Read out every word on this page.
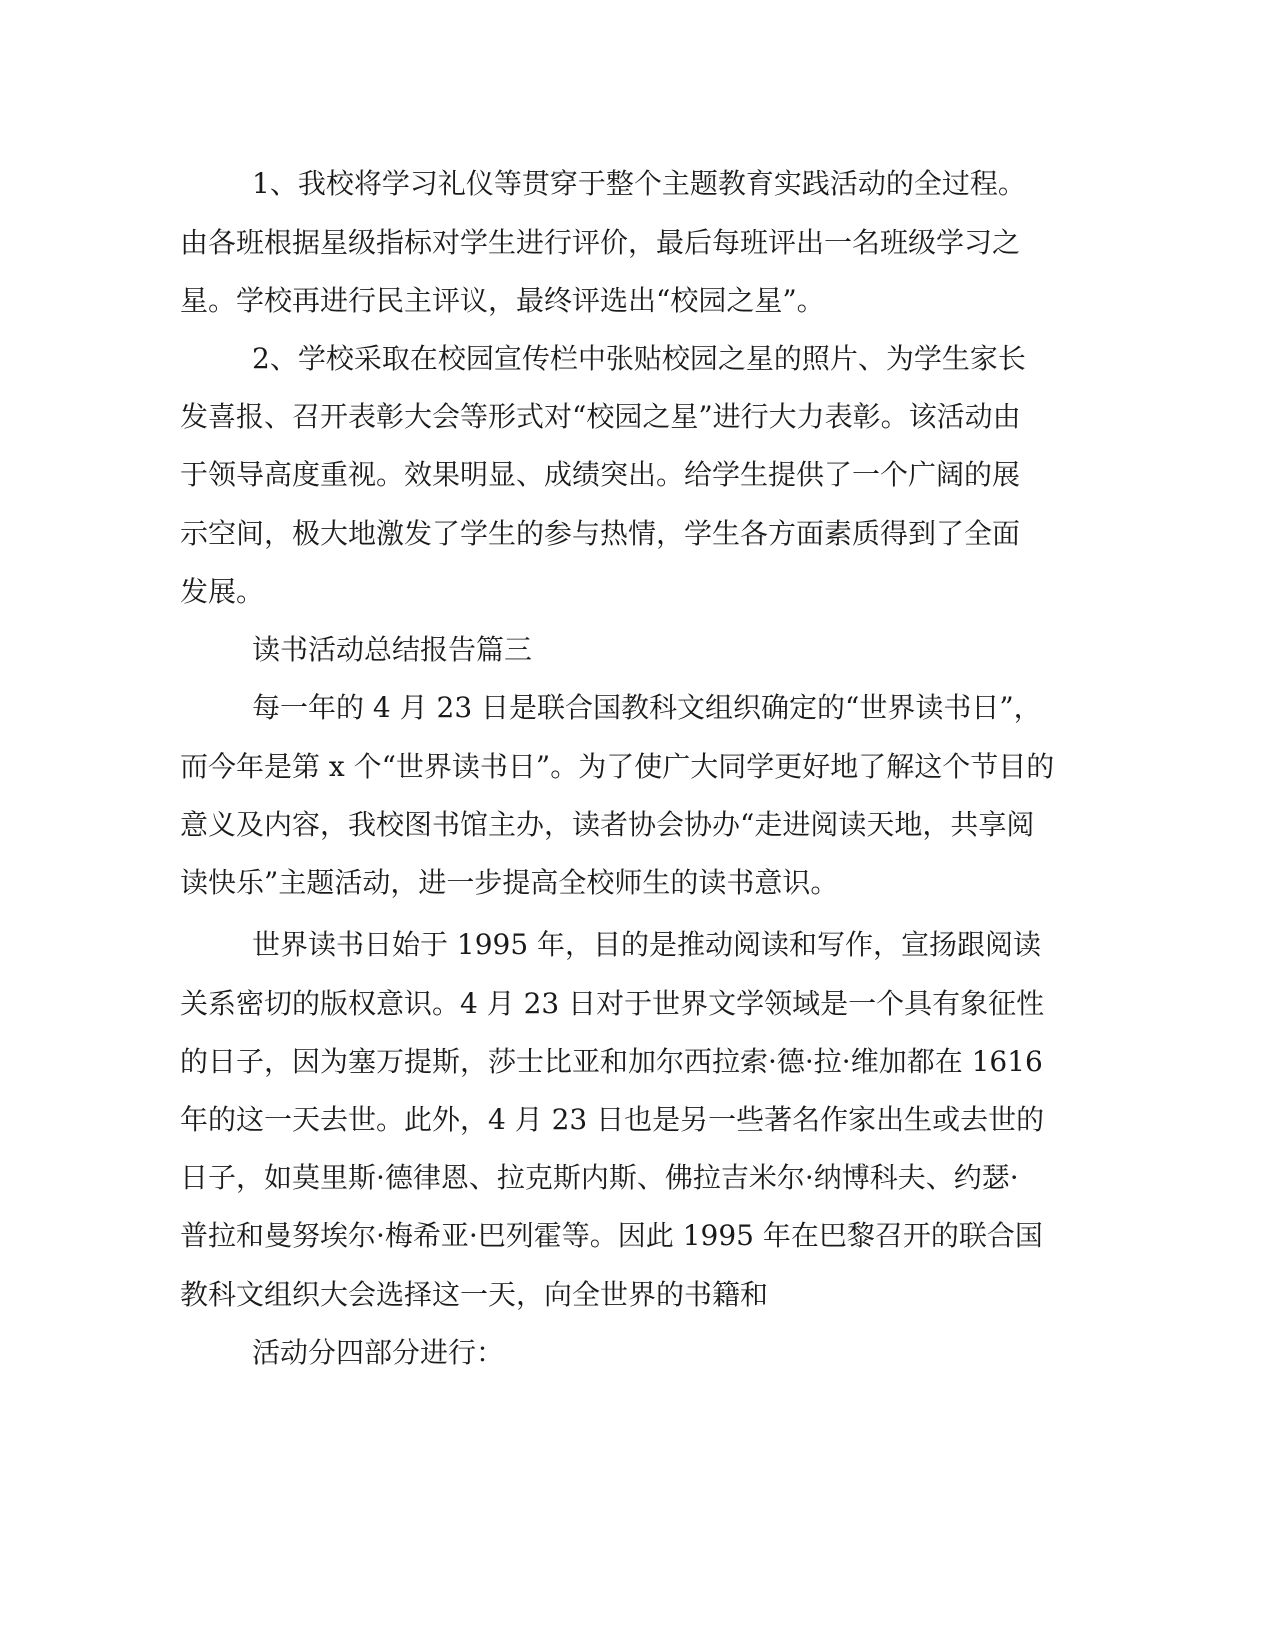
1、我校将学习礼仪等贯穿于整个主题教育实践活动的全过程。
由各班根据星级指标对学生进行评价，最后每班评出一名班级学习之
星。学校再进行民主评议，最终评选出“校园之星”。
2、学校采取在校园宣传栏中张贴校园之星的照片、为学生家长
发喜报、召开表彰大会等形式对“校园之星”进行大力表彰。该活动由
于领导高度重视。效果明显、成绩突出。给学生提供了一个广阔的展
示空间，极大地激发了学生的参与热情，学生各方面素质得到了全面
发展。
读书活动总结报告篇三
每一年的 4 月 23 日是联合国教科文组织确定的“世界读书日”，
而今年是第 x 个“世界读书日”。为了使广大同学更好地了解这个节目的
意义及内容，我校图书馆主办，读者协会协办“走进阅读天地，共享阅
读快乐”主题活动，进一步提高全校师生的读书意识。
世界读书日始于 1995 年，目的是推动阅读和写作，宣扬跟阅读
关系密切的版权意识。4 月 23 日对于世界文学领域是一个具有象征性
的日子，因为塞万提斯，莎士比亚和加尔西拉索·德·拉·维加都在 1616
年的这一天去世。此外，4 月 23 日也是另一些著名作家出生或去世的
日子，如莫里斯·德律恩、拉克斯内斯、佛拉吉米尔·纳博科夫、约瑟·
普拉和曼努埃尔·梅希亚·巴列霍等。因此 1995 年在巴黎召开的联合国
教科文组织大会选择这一天，向全世界的书籍和
活动分四部分进行：
